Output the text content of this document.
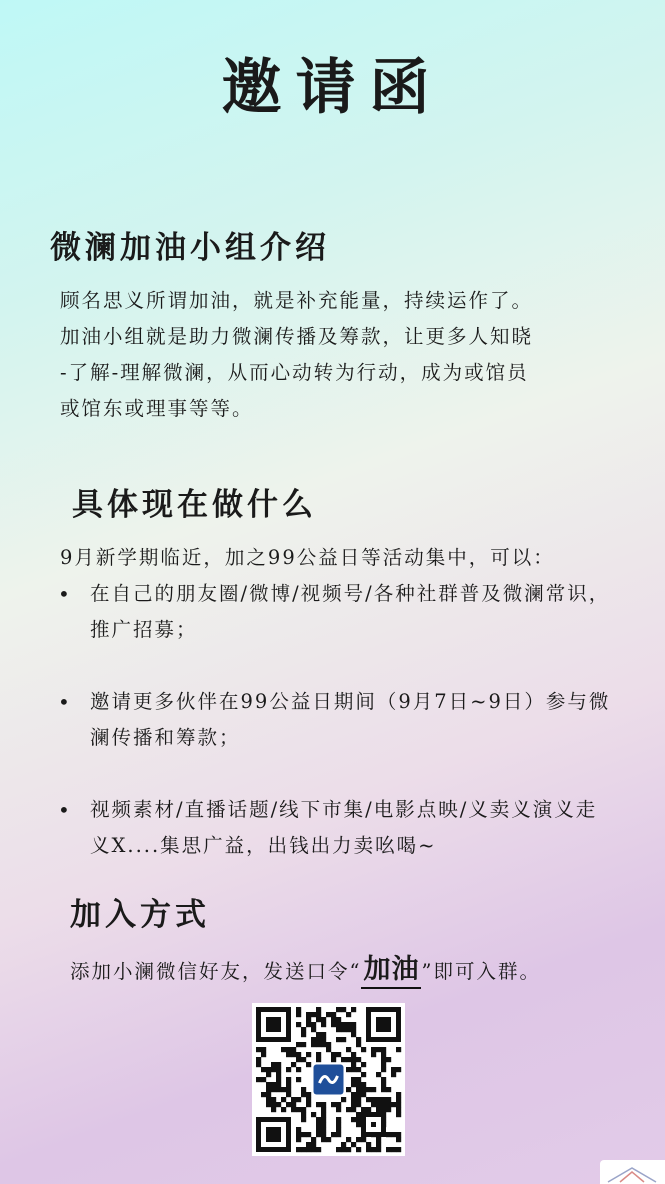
邀请函
微澜加油小组介绍

顾名思义所谓加油，就是补充能量，持续运作了。

加油小组就是助力微澜传播及筹款，让更多人知晓

-了解-理解微澜，从而心动转为行动，成为或馆员

或馆东或理事等等。

具体现在做什么
9月新学期临近，加之99公益日等活动集中，可以：
• 在自己的朋友圈/微博/视频号/各种社群普及微澜常识，推广招募；
• 邀请更多伙伴在99公益日期间（9月7日~9日）参与微澜传播和筹款；
• 视频素材/直播话题/线下市集/电影点映/义卖义演义走义X....集思广益，出钱出力卖吆喝~
加入方式
添加小澜微信好友，发送口令“加油 ”即可入群。
